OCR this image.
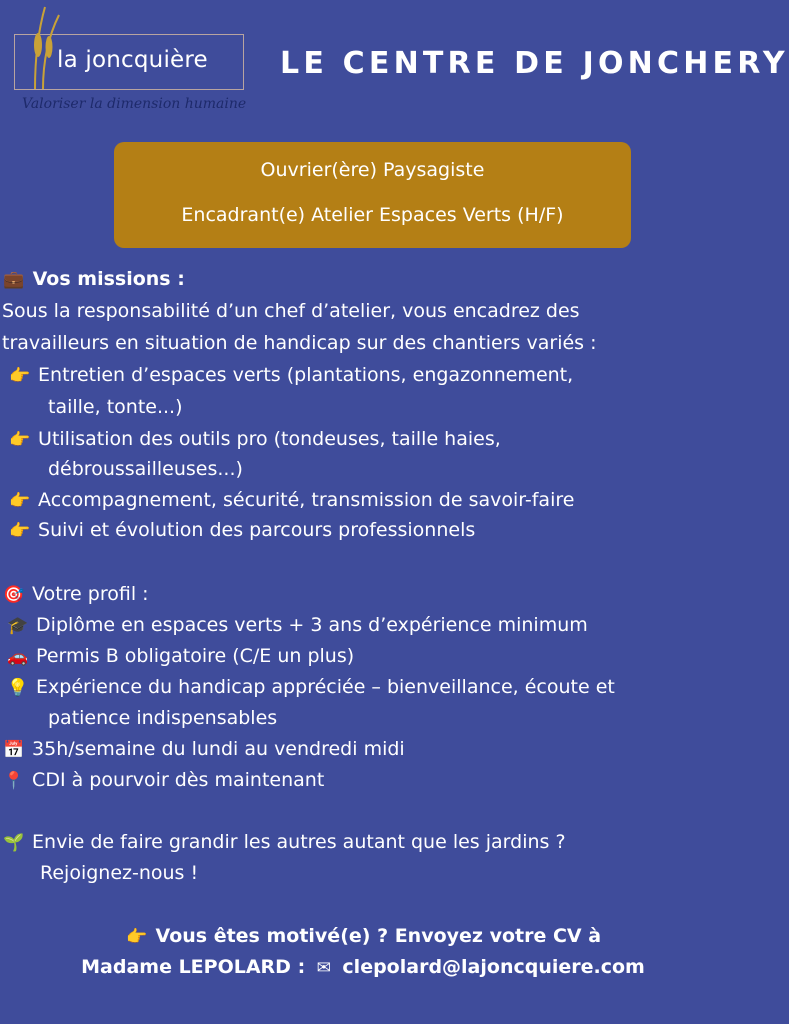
la joncquière
Valoriser la dimension humaine
LE CENTRE DE JONCHERY
Ouvrier(ère) Paysagiste
Encadrant(e) Atelier Espaces Verts (H/F)
💼 Vos missions :
Sous la responsabilité d’un chef d’atelier, vous encadrez des
travailleurs en situation de handicap sur des chantiers variés :
👉 Entretien d’espaces verts (plantations, engazonnement,
taille, tonte...)
👉 Utilisation des outils pro (tondeuses, taille haies,
débroussailleuses...)
👉 Accompagnement, sécurité, transmission de savoir-faire
👉 Suivi et évolution des parcours professionnels
🎯 Votre profil :
🎓 Diplôme en espaces verts + 3 ans d’expérience minimum
🚗 Permis B obligatoire (C/E un plus)
💡 Expérience du handicap appréciée – bienveillance, écoute et
patience indispensables
📅 35h/semaine du lundi au vendredi midi
📍 CDI à pourvoir dès maintenant
🌱 Envie de faire grandir les autres autant que les jardins ?
Rejoignez-nous !
👉 Vous êtes motivé(e) ? Envoyez votre CV à
Madame LEPOLARD : ✉ clepolard@lajoncquiere.com
